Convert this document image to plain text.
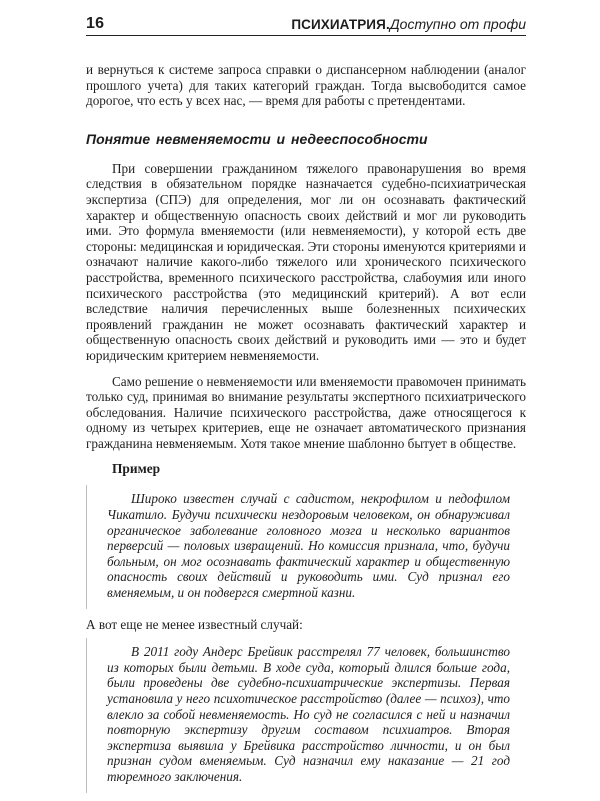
16	ПСИХИАТРИЯ.Доступно от профи

и вернуться к системе запроса справки о диспансерном наблюдении (аналог прошлого учета) для таких категорий граждан. Тогда высвободится самое дорогое, что есть у всех нас, — время для работы с претендентами.

Понятие невменяемости и недееспособности

При совершении гражданином тяжелого правонарушения во время следствия в обязательном порядке назначается судебно-психиатрическая экспертиза (СПЭ) для определения, мог ли он осознавать фактический характер и общественную опасность своих действий и мог ли руководить ими. Это формула вменяемости (или невменяемости), у которой есть две стороны: медицинская и юридическая. Эти стороны именуются критериями и означают наличие какого-либо тяжелого или хронического психического расстройства, временного психического расстройства, слабоумия или иного психического расстройства (это медицинский критерий). А вот если вследствие наличия перечисленных выше болезненных психических проявлений гражданин не может осознавать фактический характер и общественную опасность своих действий и руководить ими — это и будет юридическим критерием невменяемости.

Само решение о невменяемости или вменяемости правомочен принимать только суд, принимая во внимание результаты экспертного психиатрического обследования. Наличие психического расстройства, даже относящегося к одному из четырех критериев, еще не означает автоматического признания гражданина невменяемым. Хотя такое мнение шаблонно бытует в обществе.

Пример

Широко известен случай с садистом, некрофилом и педофилом Чикатило. Будучи психически нездоровым человеком, он обнаруживал органическое заболевание головного мозга и несколько вариантов перверсий — половых извращений. Но комиссия признала, что, будучи больным, он мог осознавать фактический характер и общественную опасность своих действий и руководить ими. Суд признал его вменяемым, и он подвергся смертной казни.

А вот еще не менее известный случай:

В 2011 году Андерс Брейвик расстрелял 77 человек, большинство из которых были детьми. В ходе суда, который длился больше года, были проведены две судебно-психиатрические экспертизы. Первая установила у него психотическое расстройство (далее — психоз), что влекло за собой невменяемость. Но суд не согласился с ней и назначил повторную экспертизу другим составом психиатров. Вторая экспертиза выявила у Брейвика расстройство личности, и он был признан судом вменяемым. Суд назначил ему наказание — 21 год тюремного заключения.
